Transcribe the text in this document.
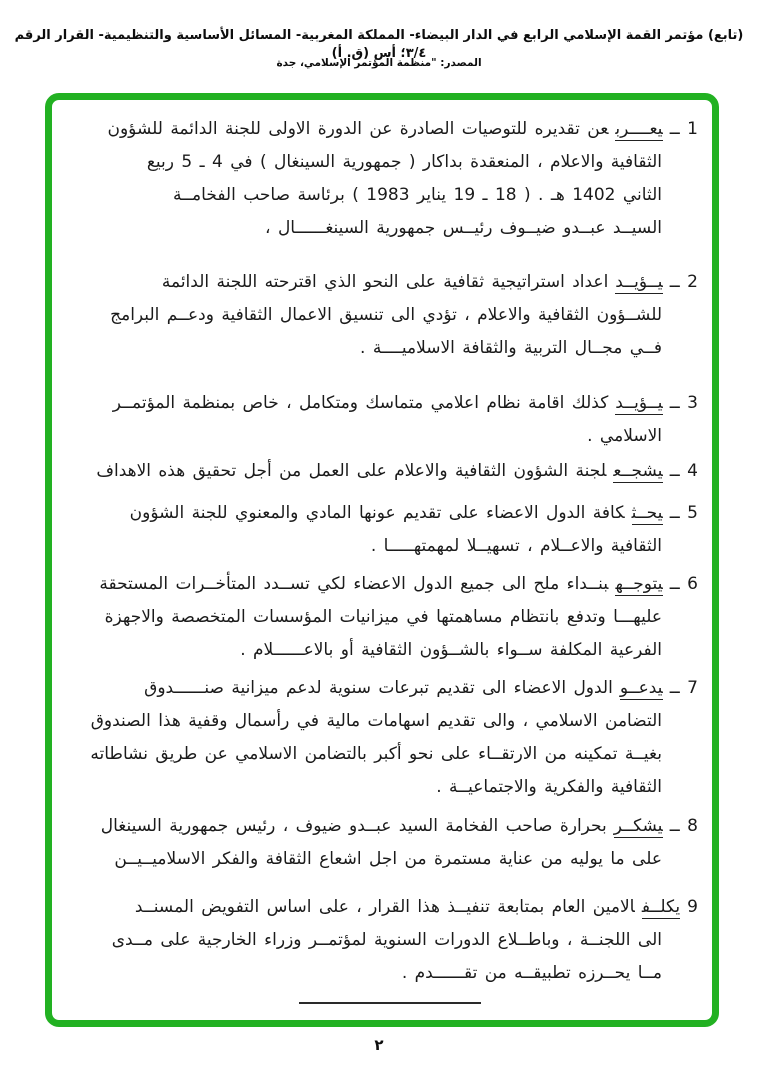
(تابع) مؤتمر القمة الإسلامي الرابع في الدار البيضاء- المملكة المغربية- المسائل الأساسية والتنظيمية- القرار الرقم ٣/٤؛ أس (ق. أ)
المصدر: "منظمة المؤتمر الإسلامي، جدة
1 ــيعــــربعن تقديره للتوصيات الصادرة عن الدورة الاولى للجنة الدائمة للشؤون
الثقافية والاعلام ، المنعقدة بداكار ( جمهورية السينغال ) في 4 ـ 5 ربيع
الثاني 1402 هـ . ( 18 ـ 19 يناير 1983 ) برئاسة صاحب الفخامــة
السيــد عبــدو ضيــوف رئيــس جمهورية السينغــــــال ،
2 ــيــؤيــداعداد استراتيجية ثقافية على النحو الذي اقترحته اللجنة الدائمة
للشــؤون الثقافية والاعلام ، تؤدي الى تنسيق الاعمال الثقافية ودعــم البرامج
فــي مجــال التربية والثقافة الاسلاميــــة .
3 ــيــؤيــدكذلك اقامة نظام اعلامي متماسك ومتكامل ، خاص بمنظمة المؤتمــر
الاسلامي .
4 ــيشجــعلجنة الشؤون الثقافية والاعلام على العمل من أجل تحقيق هذه الاهداف
5 ــيحــثكافة الدول الاعضاء على تقديم عونها المادي والمعنوي للجنة الشؤون
الثقافية والاعــلام ، تسهيــلا لمهمتهـــــا .
6 ــيتوجــهبنــداء ملح الى جميع الدول الاعضاء لكي تســدد المتأخــرات المستحقة
عليهـــا وتدفع بانتظام مساهمتها في ميزانيات المؤسسات المتخصصة والاجهزة
الفرعية المكلفة ســواء بالشــؤون الثقافية أو بالاعــــــلام .
7 ــيدعــوالدول الاعضاء الى تقديم تبرعات سنوية لدعم ميزانية صنــــــدوق
التضامن الاسلامي ، والى تقديم اسهامات مالية في رأسمال وقفية هذا الصندوق
بغيــة تمكينه من الارتقــاء على نحو أكبر بالتضامن الاسلامي عن طريق نشاطاته
الثقافية والفكرية والاجتماعيــة .
8 ــيشكــربحرارة صاحب الفخامة السيد عبــدو ضيوف ، رئيس جمهورية السينغال
على ما يوليه من عناية مستمرة من اجل اشعاع الثقافة والفكر الاسلاميــيــن
9يكلــفالامين العام بمتابعة تنفيــذ هذا القرار ، على اساس التفويض المسنــد
الى اللجنــة ، وباطــلاع الدورات السنوية لمؤتمــر وزراء الخارجية على مــدى
مــا يحــرزه تطبيقــه من تقــــــدم .
٢
